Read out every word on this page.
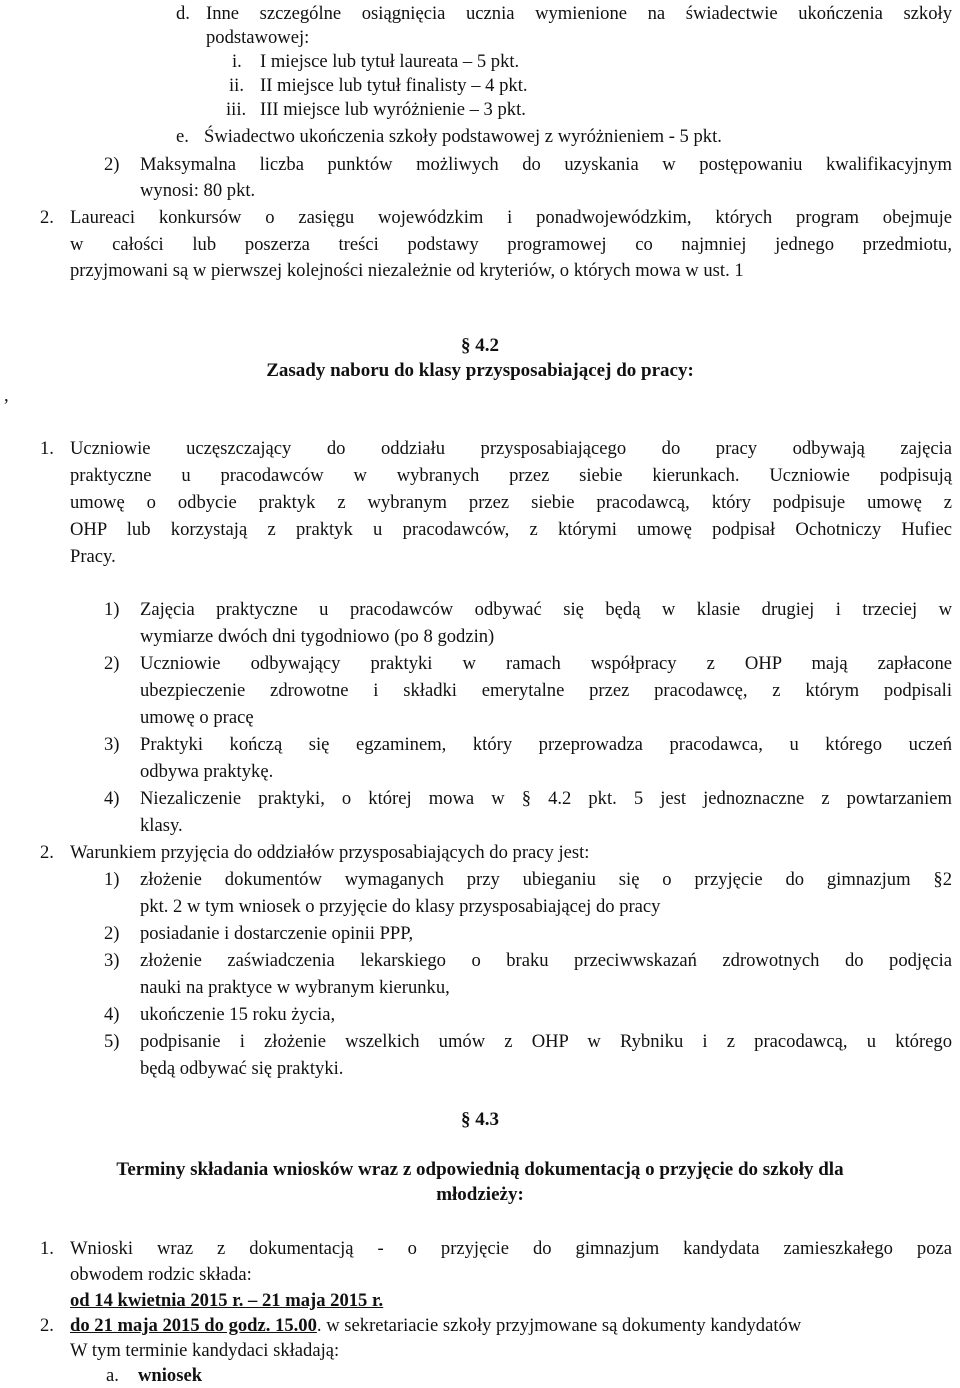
d. Inne szczególne osiągnięcia ucznia wymienione na świadectwie ukończenia szkoły
podstawowej:
i. I miejsce lub tytuł laureata – 5 pkt.
ii. II miejsce lub tytuł finalisty – 4 pkt.
iii. III miejsce lub wyróżnienie – 3 pkt.
e. Świadectwo ukończenia szkoły podstawowej z wyróżnieniem - 5 pkt.
2) Maksymalna liczba punktów możliwych do uzyskania w postępowaniu kwalifikacyjnym
wynosi: 80 pkt.
2. Laureaci konkursów o zasięgu wojewódzkim i ponadwojewódzkim, których program obejmuje
w całości lub poszerza treści podstawy programowej co najmniej jednego przedmiotu,
przyjmowani są w pierwszej kolejności niezależnie od kryteriów, o których mowa w ust. 1
§ 4.2
Zasady naboru do klasy przysposabiającej do pracy:
,
1. Uczniowie uczęszczający do oddziału przysposabiającego do pracy odbywają zajęcia
praktyczne u pracodawców w wybranych przez siebie kierunkach. Uczniowie podpisują
umowę o odbycie praktyk z wybranym przez siebie pracodawcą, który podpisuje umowę z
OHP lub korzystają z praktyk u pracodawców, z którymi umowę podpisał Ochotniczy Hufiec
Pracy.
1) Zajęcia praktyczne u pracodawców odbywać się będą w klasie drugiej i trzeciej w
wymiarze dwóch dni tygodniowo (po 8 godzin)
2) Uczniowie odbywający praktyki w ramach współpracy z OHP mają zapłacone
ubezpieczenie zdrowotne i składki emerytalne przez pracodawcę, z którym podpisali
umowę o pracę
3) Praktyki kończą się egzaminem, który przeprowadza pracodawca, u którego uczeń
odbywa praktykę.
4) Niezaliczenie praktyki, o której mowa w § 4.2 pkt. 5 jest jednoznaczne z powtarzaniem
klasy.
2. Warunkiem przyjęcia do oddziałów przysposabiających do pracy jest:
1) złożenie dokumentów wymaganych przy ubieganiu się o przyjęcie do gimnazjum §2
pkt. 2 w tym wniosek o przyjęcie do klasy przysposabiającej do pracy
2) posiadanie i dostarczenie opinii PPP,
3) złożenie zaświadczenia lekarskiego o braku przeciwwskazań zdrowotnych do podjęcia
nauki na praktyce w wybranym kierunku,
4) ukończenie 15 roku życia,
5) podpisanie i złożenie wszelkich umów z OHP w Rybniku i z pracodawcą, u którego
będą odbywać się praktyki.
§ 4.3
Terminy składania wniosków wraz z odpowiednią dokumentacją o przyjęcie do szkoły dla
młodzieży:
1. Wnioski wraz z dokumentacją - o przyjęcie do gimnazjum kandydata zamieszkałego poza
obwodem rodzic składa:
od 14 kwietnia 2015 r. – 21 maja 2015 r.
2. do 21 maja 2015 do godz. 15.00. w sekretariacie szkoły przyjmowane są dokumenty kandydatów
W tym terminie kandydaci składają:
a. wniosek
